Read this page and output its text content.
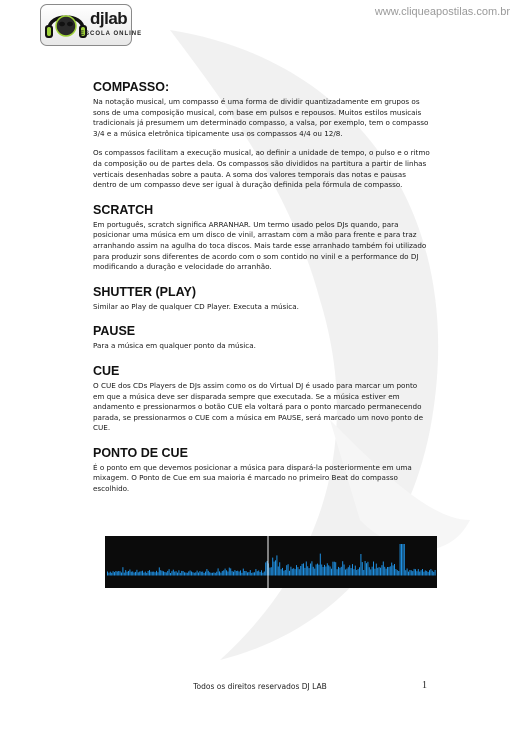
djlab
ESCOLA ONLINE
www.cliqueapostilas.com.br
COMPASSO:

Na notação musical, um compasso é uma forma de dividir quantizadamente em grupos os sons de uma composição musical, com base em pulsos e repousos. Muitos estilos musicais tradicionais já presumem um determinado compasso, a valsa, por exemplo, tem o compasso 3/4 e a música eletrônica tipicamente usa os compassos 4/4 ou 12/8.

Os compassos facilitam a execução musical, ao definir a unidade de tempo, o pulso e o ritmo da composição ou de partes dela. Os compassos são divididos na partitura a partir de linhas verticais desenhadas sobre a pauta. A soma dos valores temporais das notas e pausas dentro de um compasso deve ser igual à duração definida pela fórmula de compasso.

SCRATCH

Em português, scratch significa ARRANHAR. Um termo usado pelos DJs quando, para posicionar uma música em um disco de vinil, arrastam com a mão para frente e para traz arranhando assim na agulha do toca discos. Mais tarde esse arranhado também foi utilizado para produzir sons diferentes de acordo com o som contido no vinil e a performance do DJ modificando a duração e velocidade do arranhão.

SHUTTER (PLAY)

Similar ao Play de qualquer CD Player. Executa a música.

PAUSE

Para a música em qualquer ponto da música.

CUE

O CUE dos CDs Players de DJs assim como os do Virtual DJ é usado para marcar um ponto em que a música deve ser disparada sempre que executada. Se a música estiver em andamento e pressionarmos o botão CUE ela voltará para o ponto marcado permanecendo parada, se pressionarmos o CUE com a música em PAUSE, será marcado um novo ponto de CUE.

PONTO DE CUE

É o ponto em que devemos posicionar a música para dispará-la posteriormente em uma mixagem. O Ponto de Cue em sua maioria é marcado no primeiro Beat do compasso escolhido.

Todos os direitos reservados DJ LAB	1
